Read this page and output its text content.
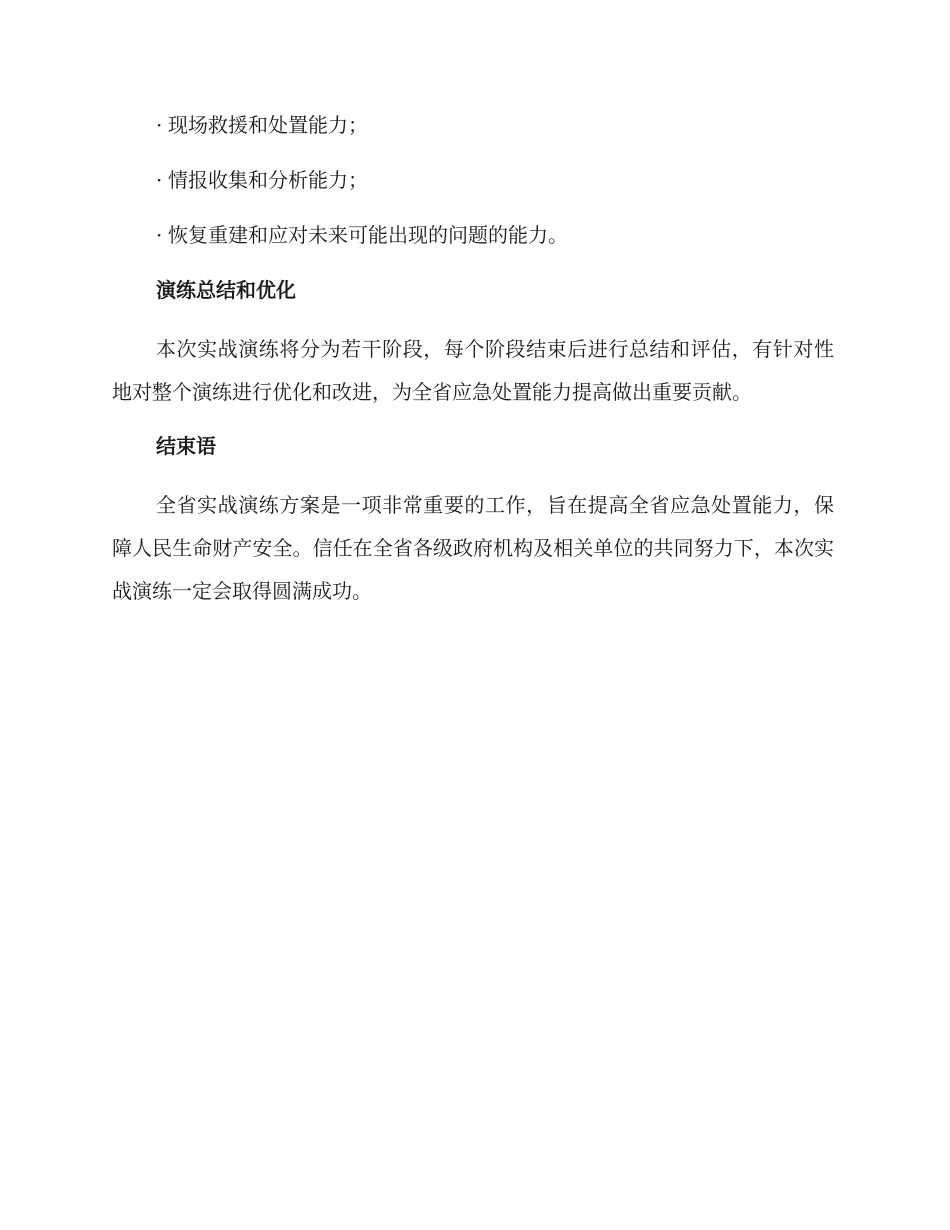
· 现场救援和处置能力；
· 情报收集和分析能力；
· 恢复重建和应对未来可能出现的问题的能力。
演练总结和优化
本次实战演练将分为若干阶段，每个阶段结束后进行总结和评估，有针对性地对整个演练进行优化和改进，为全省应急处置能力提高做出重要贡献。
结束语
全省实战演练方案是一项非常重要的工作，旨在提高全省应急处置能力，保障人民生命财产安全。信任在全省各级政府机构及相关单位的共同努力下，本次实战演练一定会取得圆满成功。
